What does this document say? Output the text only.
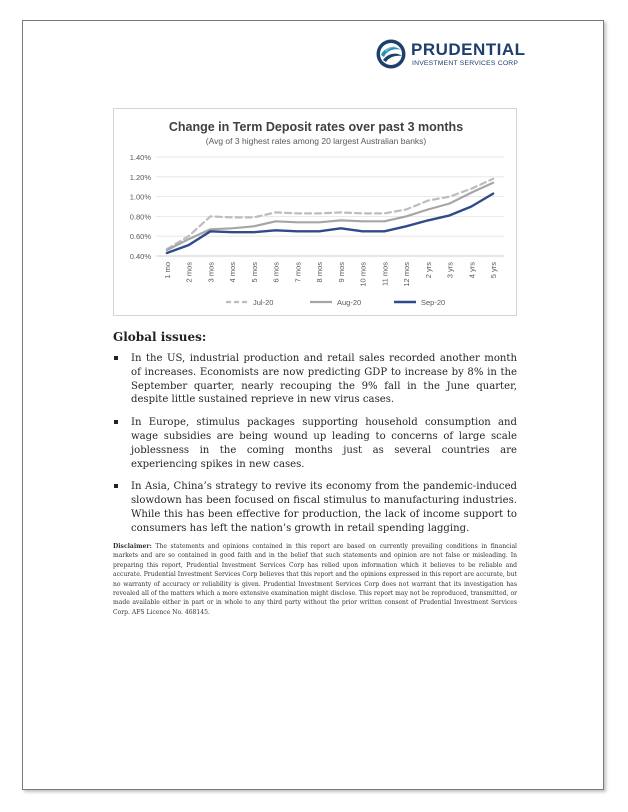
PRUDENTIAL
INVESTMENT SERVICES CORP
Change in Term Deposit rates over past 3 months
(Avg of 3 highest rates among 20 largest Australian banks)
1.40%
1.20%
1.00%
0.80%
0.60%
0.40%
1 mo 2 mos 3 mos 4 mos 5 mos 6 mos 7 mos 8 mos 9 mos 10 mos 11 mos 12 mos 2 yrs 3 yrs 4 yrs 5 yrs
Jul-20	Aug-20	Sep-20
Global issues:
In the US, industrial production and retail sales recorded another month of increases. Economists are now predicting GDP to increase by 8% in the September quarter, nearly recouping the 9% fall in the June quarter, despite little sustained reprieve in new virus cases.
In Europe, stimulus packages supporting household consumption and wage subsidies are being wound up leading to concerns of large scale joblessness in the coming months just as several countries are experiencing spikes in new cases.
In Asia, China’s strategy to revive its economy from the pandemic-induced slowdown has been focused on fiscal stimulus to manufacturing industries. While this has been effective for production, the lack of income support to consumers has left the nation’s growth in retail spending lagging.

Disclaimer: The statements and opinions contained in this report are based on currently prevailing conditions in financial markets and are so contained in good faith and in the belief that such statements and opinion are not false or misleading. In preparing this report, Prudential Investment Services Corp has relied upon information which it believes to be reliable and accurate. Prudential Investment Services Corp believes that this report and the opinions expressed in this report are accurate, but no warranty of accuracy or reliability is given. Prudential Investment Services Corp does not warrant that its investigation has revealed all of the matters which a more extensive examination might disclose. This report may not be reproduced, transmitted, or made available either in part or in whole to any third party without the prior written consent of Prudential Investment Services Corp. AFS Licence No. 468145.
